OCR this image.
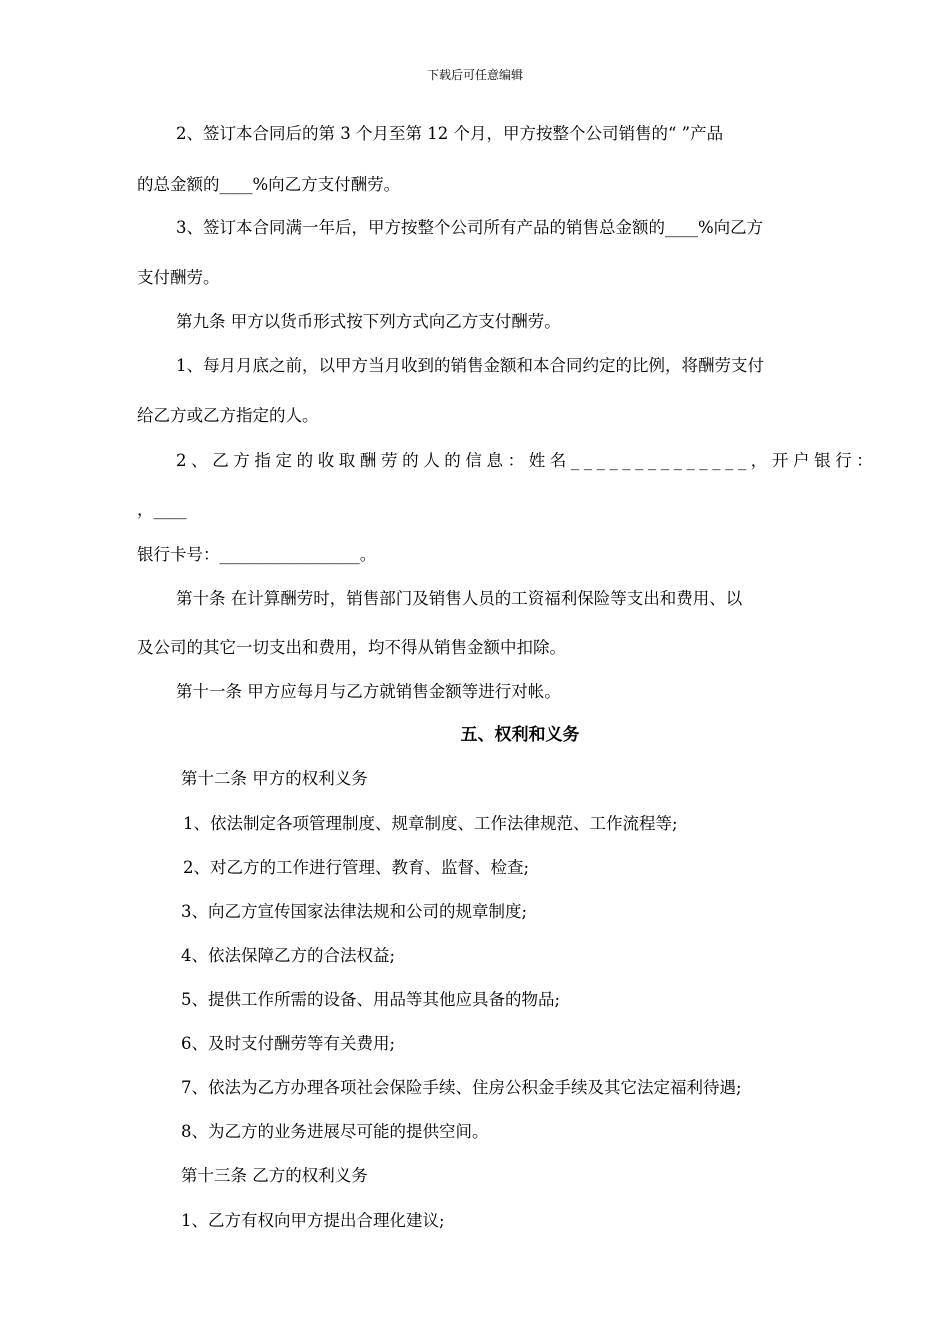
下载后可任意编辑
2、签订本合同后的第 3 个月至第 12 个月，甲方按整个公司销售的“ ”产品
的总金额的____%向乙方支付酬劳。
3、签订本合同满一年后，甲方按整个公司所有产品的销售总金额的____%向乙方
支付酬劳。
第九条 甲方以货币形式按下列方式向乙方支付酬劳。
1、每月月底之前，以甲方当月收到的销售金额和本合同约定的比例，将酬劳支付
给乙方或乙方指定的人。
2、乙方指定的收取酬劳的人的信息：姓名______________，开户银行：
，____
银行卡号：_________________。
第十条 在计算酬劳时，销售部门及销售人员的工资福利保险等支出和费用、以
及公司的其它一切支出和费用，均不得从销售金额中扣除。
第十一条 甲方应每月与乙方就销售金额等进行对帐。
五、权利和义务
第十二条 甲方的权利义务
1、依法制定各项管理制度、规章制度、工作法律规范、工作流程等;
2、对乙方的工作进行管理、教育、监督、检查;
3、向乙方宣传国家法律法规和公司的规章制度;
4、依法保障乙方的合法权益;
5、提供工作所需的设备、用品等其他应具备的物品;
6、及时支付酬劳等有关费用;
7、依法为乙方办理各项社会保险手续、住房公积金手续及其它法定福利待遇;
8、为乙方的业务进展尽可能的提供空间。
第十三条 乙方的权利义务
1、乙方有权向甲方提出合理化建议;
